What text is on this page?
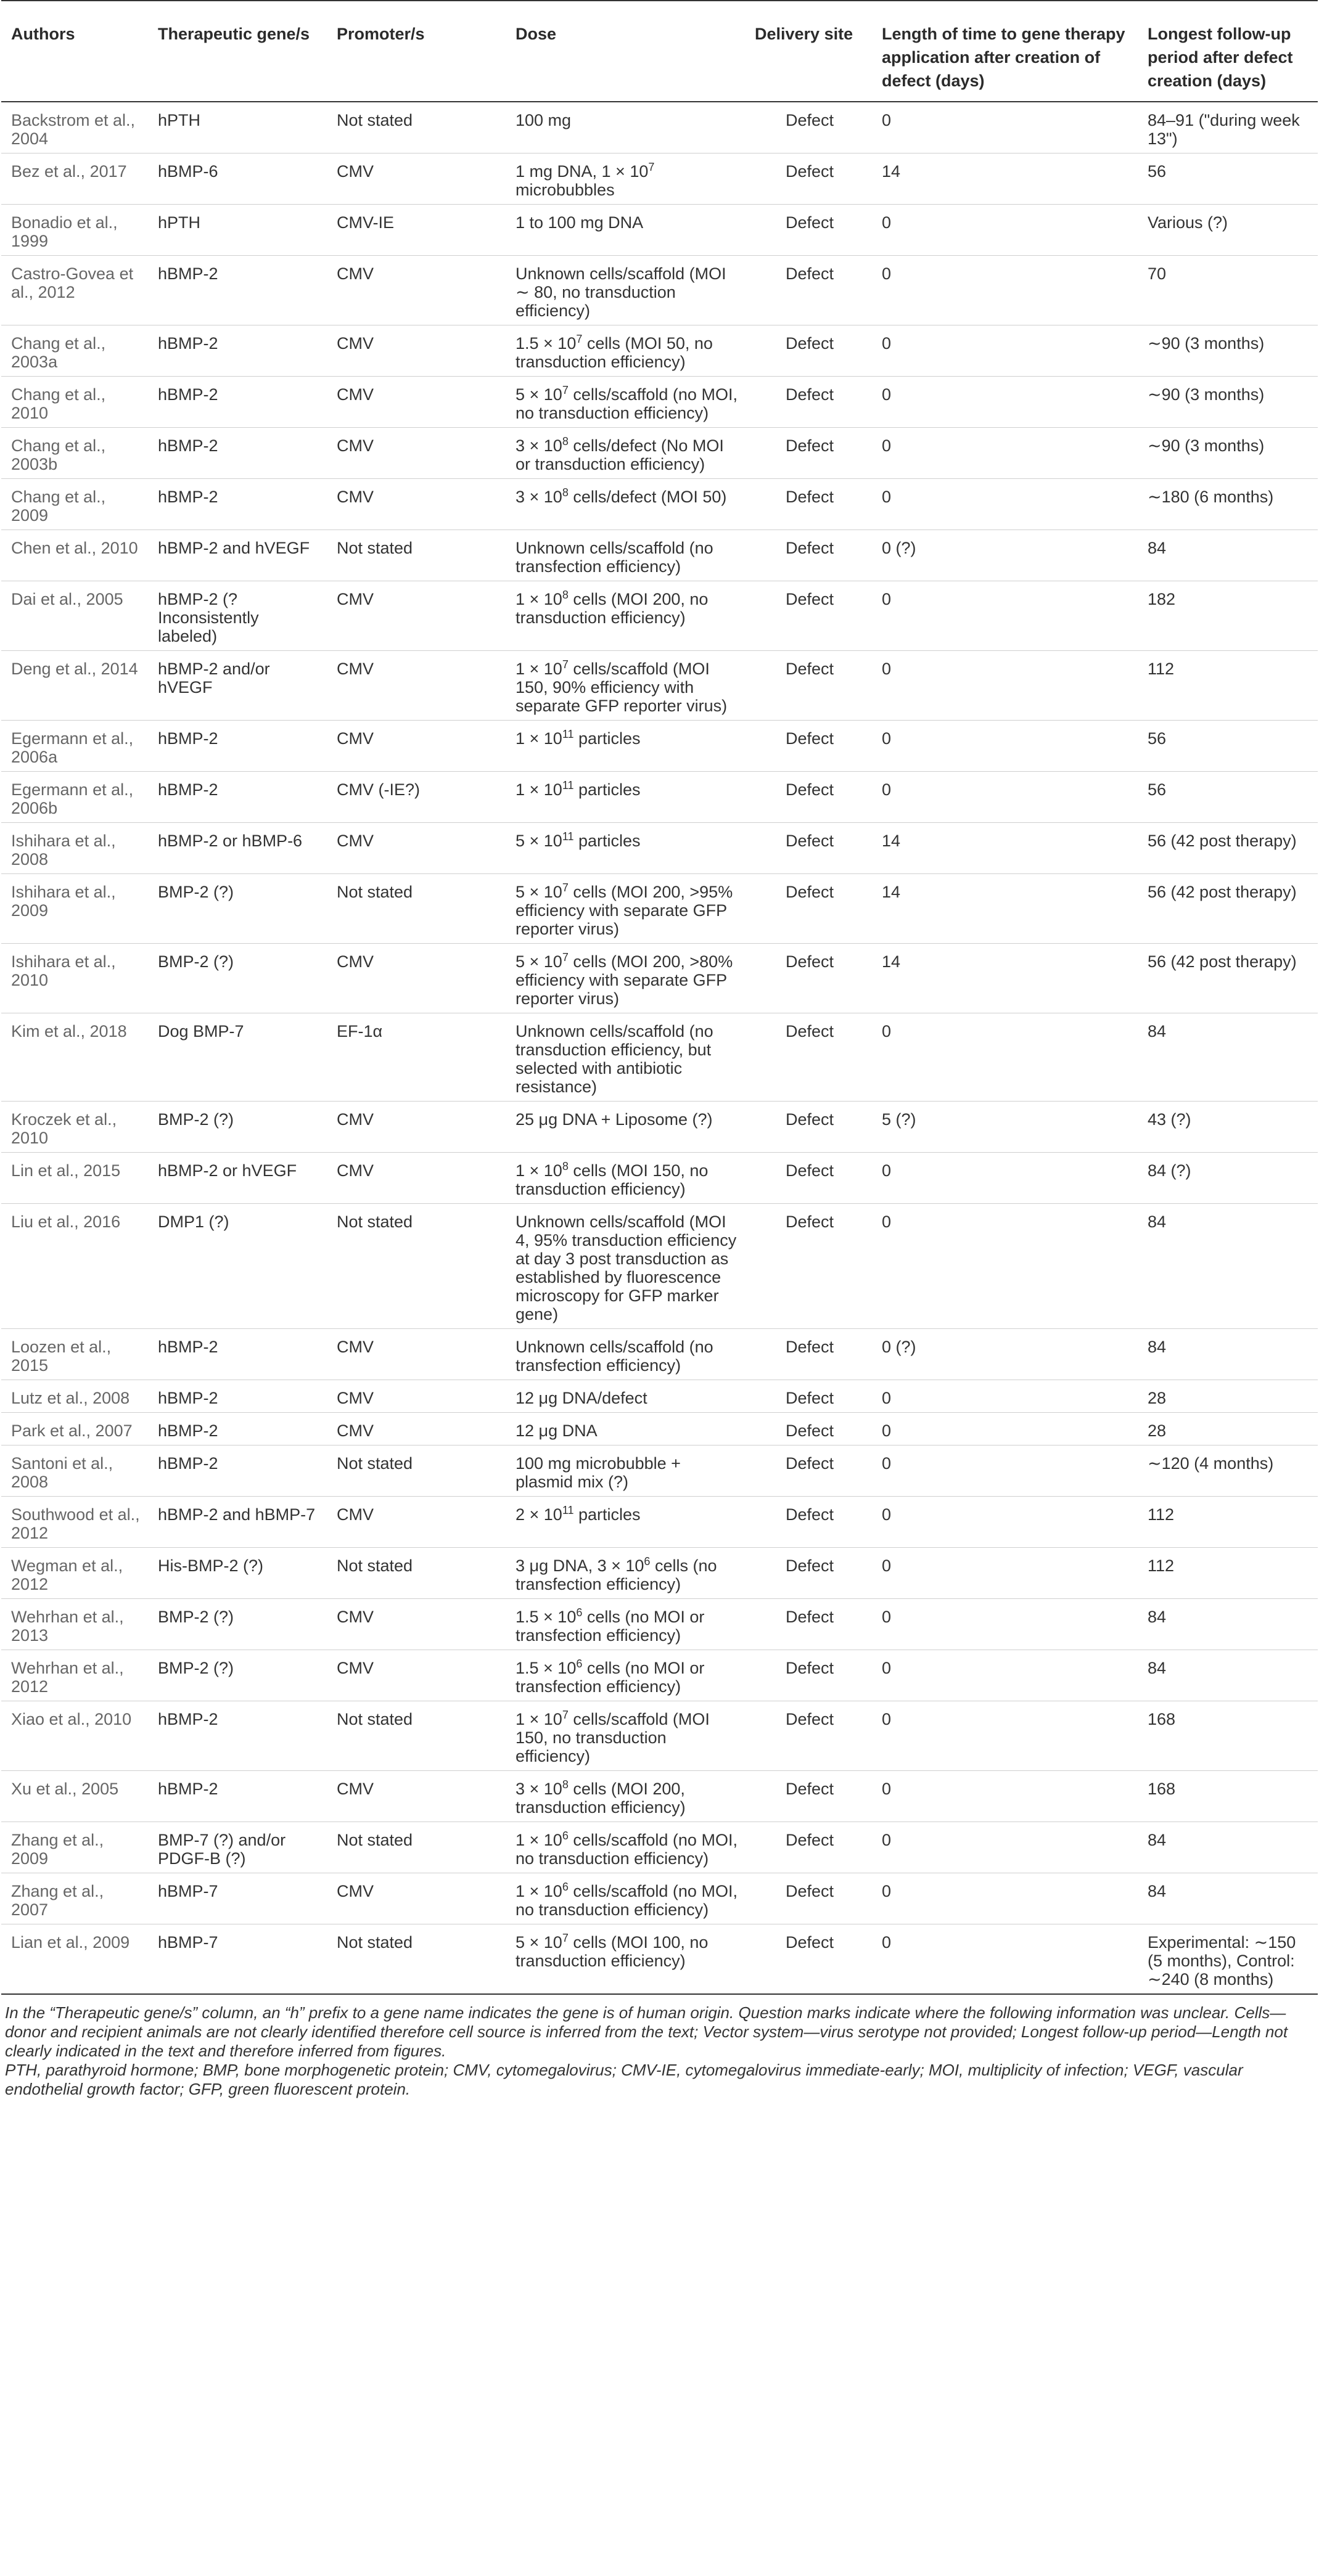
Authors	Therapeutic gene/s	Promoter/s	Dose	Delivery site	Length of time to gene therapy application after creation of defect (days)	Longest follow-up period after defect creation (days)
Backstrom et al., 2004	hPTH	Not stated	100 mg	Defect	0	84–91 ("during week 13")
Bez et al., 2017	hBMP-6	CMV	1 mg DNA, $1 \times 10^7$ microbubbles	Defect	14	56
Bonadio et al., 1999	hPTH	CMV-IE	1 to 100 mg DNA	Defect	0	Various (?)
Castro-Govea et al., 2012	hBMP-2	CMV	Unknown cells/scaffold (MOI ∼ 80, no transduction efficiency)	Defect	0	70
Chang et al., 2003a	hBMP-2	CMV	$1.5 \times 10^7$ cells (MOI 50, no transduction efficiency)	Defect	0	∼90 (3 months)
Chang et al., 2010	hBMP-2	CMV	$5 \times 10^7$ cells/scaffold (no MOI, no transduction efficiency)	Defect	0	∼90 (3 months)
Chang et al., 2003b	hBMP-2	CMV	$3 \times 10^8$ cells/defect (No MOI or transduction efficiency)	Defect	0	∼90 (3 months)
Chang et al., 2009	hBMP-2	CMV	$3 \times 10^8$ cells/defect (MOI 50)	Defect	0	∼180 (6 months)
Chen et al., 2010	hBMP-2 and hVEGF	Not stated	Unknown cells/scaffold (no transfection efficiency)	Defect	0 (?)	84
Dai et al., 2005	hBMP-2 (? Inconsistently labeled)	CMV	$1 \times 10^8$ cells (MOI 200, no transduction efficiency)	Defect	0	182
Deng et al., 2014	hBMP-2 and/or hVEGF	CMV	$1 \times 10^7$ cells/scaffold (MOI 150, 90% efficiency with separate GFP reporter virus)	Defect	0	112
Egermann et al., 2006a	hBMP-2	CMV	$1 \times 10^{11}$ particles	Defect	0	56
Egermann et al., 2006b	hBMP-2	CMV (-IE?)	$1 \times 10^{11}$ particles	Defect	0	56
Ishihara et al., 2008	hBMP-2 or hBMP-6	CMV	$5 \times 10^{11}$ particles	Defect	14	56 (42 post therapy)
Ishihara et al., 2009	BMP-2 (?)	Not stated	$5 \times 10^7$ cells (MOI 200, >95% efficiency with separate GFP reporter virus)	Defect	14	56 (42 post therapy)
Ishihara et al., 2010	BMP-2 (?)	CMV	$5 \times 10^7$ cells (MOI 200, >80% efficiency with separate GFP reporter virus)	Defect	14	56 (42 post therapy)
Kim et al., 2018	Dog BMP-7	EF-1α	Unknown cells/scaffold (no transduction efficiency, but selected with antibiotic resistance)	Defect	0	84
Kroczek et al., 2010	BMP-2 (?)	CMV	25 μg DNA + Liposome (?)	Defect	5 (?)	43 (?)
Lin et al., 2015	hBMP-2 or hVEGF	CMV	$1 \times 10^8$ cells (MOI 150, no transduction efficiency)	Defect	0	84 (?)
Liu et al., 2016	DMP1 (?)	Not stated	Unknown cells/scaffold (MOI 4, 95% transduction efficiency at day 3 post transduction as established by fluorescence microscopy for GFP marker gene)	Defect	0	84
Loozen et al., 2015	hBMP-2	CMV	Unknown cells/scaffold (no transfection efficiency)	Defect	0 (?)	84
Lutz et al., 2008	hBMP-2	CMV	12 μg DNA/defect	Defect	0	28
Park et al., 2007	hBMP-2	CMV	12 μg DNA	Defect	0	28
Santoni et al., 2008	hBMP-2	Not stated	100 mg microbubble + plasmid mix (?)	Defect	0	∼120 (4 months)
Southwood et al., 2012	hBMP-2 and hBMP-7	CMV	$2 \times 10^{11}$ particles	Defect	0	112
Wegman et al., 2012	His-BMP-2 (?)	Not stated	3 μg DNA, $3 \times 10^6$ cells (no transfection efficiency)	Defect	0	112
Wehrhan et al., 2013	BMP-2 (?)	CMV	$1.5 \times 10^6$ cells (no MOI or transfection efficiency)	Defect	0	84
Wehrhan et al., 2012	BMP-2 (?)	CMV	$1.5 \times 10^6$ cells (no MOI or transfection efficiency)	Defect	0	84
Xiao et al., 2010	hBMP-2	Not stated	$1 \times 10^7$ cells/scaffold (MOI 150, no transduction efficiency)	Defect	0	168
Xu et al., 2005	hBMP-2	CMV	$3 \times 10^8$ cells (MOI 200, transduction efficiency)	Defect	0	168
Zhang et al., 2009	BMP-7 (?) and/or PDGF-B (?)	Not stated	$1 \times 10^6$ cells/scaffold (no MOI, no transduction efficiency)	Defect	0	84
Zhang et al., 2007	hBMP-7	CMV	$1 \times 10^6$ cells/scaffold (no MOI, no transduction efficiency)	Defect	0	84
Lian et al., 2009	hBMP-7	Not stated	$5 \times 10^7$ cells (MOI 100, no transduction efficiency)	Defect	0	Experimental: ∼150 (5 months), Control: ∼240 (8 months)

In the “Therapeutic gene/s” column, an “h” prefix to a gene name indicates the gene is of human origin. Question marks indicate where the following information was unclear. Cells—donor and recipient animals are not clearly identified therefore cell source is inferred from the text; Vector system—virus serotype not provided; Longest follow-up period—Length not clearly indicated in the text and therefore inferred from figures.

PTH, parathyroid hormone; BMP, bone morphogenetic protein; CMV, cytomegalovirus; CMV-IE, cytomegalovirus immediate-early; MOI, multiplicity of infection; VEGF, vascular endothelial growth factor; GFP, green fluorescent protein.
